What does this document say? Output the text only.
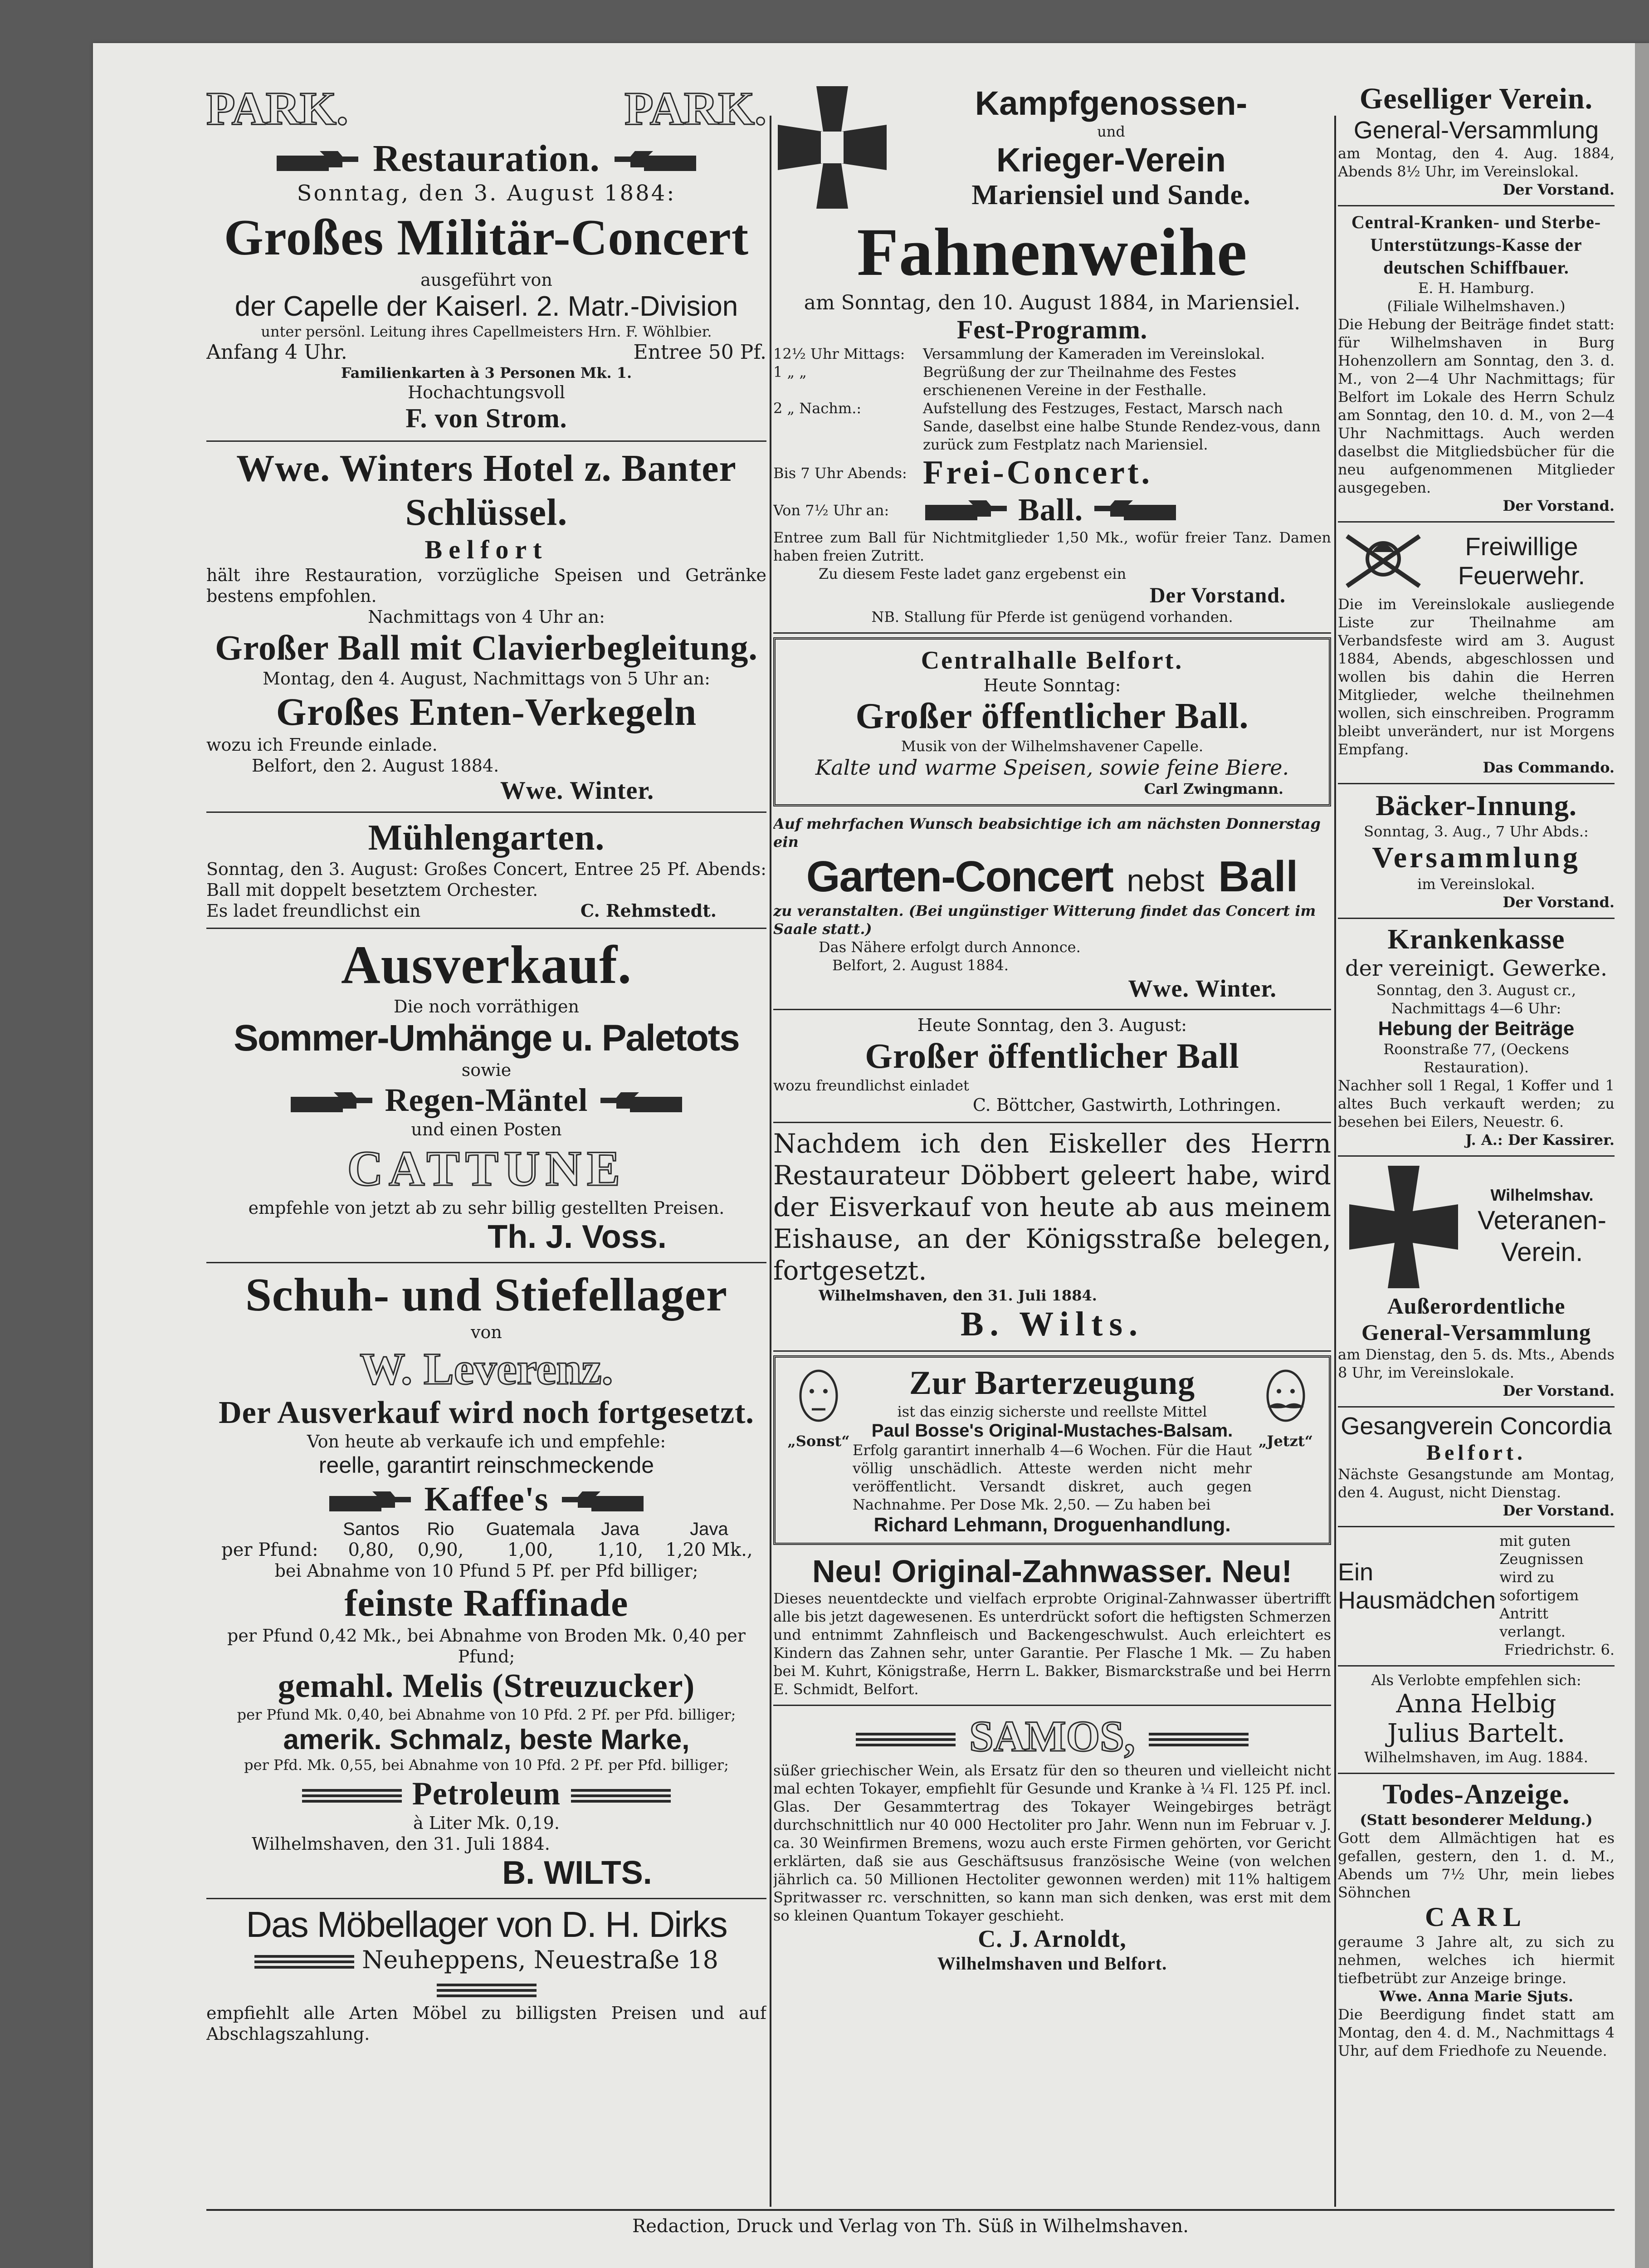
PARK.	PARK.
Restauration.
Sonntag, den 3. August 1884:
Großes Militär-Concert
ausgeführt von
der Capelle der Kaiserl. 2. Matr.-Division
unter persönl. Leitung ihres Capellmeisters Hrn. F. Wöhlbier.
Anfang 4 Uhr.	Entree 50 Pf.
Familienkarten à 3 Personen Mk. 1.
Hochachtungsvoll
F. von Strom.
Wwe. Winters Hotel z. Banter Schlüssel.
Belfort
hält ihre Restauration, vorzügliche Speisen und Getränke bestens empfohlen.
Nachmittags von 4 Uhr an:
Großer Ball mit Clavierbegleitung.
Montag, den 4. August, Nachmittags von 5 Uhr an:
Großes Enten-Verkegeln
wozu ich Freunde einlade.
Belfort, den 2. August 1884.
Wwe. Winter.
Mühlengarten.
Sonntag, den 3. August: Großes Concert, Entree 25 Pf. Abends: Ball mit doppelt besetztem Orchester.
Es ladet freundlichst ein	C. Rehmstedt.
Ausverkauf.
Die noch vorräthigen
Sommer-Umhänge u. Paletots
sowie
Regen-Mäntel
und einen Posten
CATTUNE
empfehle von jetzt ab zu sehr billig gestellten Preisen.
Th. J. Voss.
Schuh- und Stiefellager
von
W. Leverenz.
Der Ausverkauf wird noch fortgesetzt.
Von heute ab verkaufe ich und empfehle:
reelle, garantirt reinschmeckende
Kaffee's
	Santos	Rio	Guatemala	Java	Java
per Pfund:	0,80,	0,90,	1,00,	1,10,	1,20 Mk.,
bei Abnahme von 10 Pfund 5 Pf. per Pfd billiger;
feinste Raffinade
per Pfund 0,42 Mk., bei Abnahme von Broden Mk. 0,40 per Pfund;
gemahl. Melis (Streuzucker)
per Pfund Mk. 0,40, bei Abnahme von 10 Pfd. 2 Pf. per Pfd. billiger;
amerik. Schmalz, beste Marke,
per Pfd. Mk. 0,55, bei Abnahme von 10 Pfd. 2 Pf. per Pfd. billiger;
Petroleum
à Liter Mk. 0,19.
Wilhelmshaven, den 31. Juli 1884.
B. WILTS.
Das Möbellager von D. H. Dirks
Neuheppens, Neuestraße 18
empfiehlt alle Arten Möbel zu billigsten Preisen und auf Abschlagszahlung.
Kampfgenossen-
und
Krieger-Verein
Mariensiel und Sande.
Fahnenweihe
am Sonntag, den 10. August 1884, in Mariensiel.
Fest-Programm.
12½ Uhr Mittags:	Versammlung der Kameraden im Vereinslokal.
1 „ „	Begrüßung der zur Theilnahme des Festes erschienenen Vereine in der Festhalle.
2 „ Nachm.:	Aufstellung des Festzuges, Festact, Marsch nach Sande, daselbst eine halbe Stunde Rendez-vous, dann zurück zum Festplatz nach Mariensiel.
Bis 7 Uhr Abends: Frei-Concert.
Von 7½ Uhr an:	Ball.
Entree zum Ball für Nichtmitglieder 1,50 Mk., wofür freier Tanz. Damen haben freien Zutritt.
Zu diesem Feste ladet ganz ergebenst ein
Der Vorstand.
NB. Stallung für Pferde ist genügend vorhanden.
Centralhalle Belfort.
Heute Sonntag:
Großer öffentlicher Ball.
Musik von der Wilhelmshavener Capelle.
Kalte und warme Speisen, sowie feine Biere.
Carl Zwingmann.
Auf mehrfachen Wunsch beabsichtige ich am nächsten Donnerstag ein
Garten-Concert nebst Ball
zu veranstalten. (Bei ungünstiger Witterung findet das Concert im Saale statt.)
Das Nähere erfolgt durch Annonce.
Belfort, 2. August 1884.
Wwe. Winter.
Heute Sonntag, den 3. August:
Großer öffentlicher Ball
wozu freundlichst einladet
C. Böttcher, Gastwirth, Lothringen.
Nachdem ich den Eiskeller des Herrn Restaurateur Döbbert geleert habe, wird der Eisverkauf von heute ab aus meinem Eishause, an der Königsstraße belegen, fortgesetzt.
Wilhelmshaven, den 31. Juli 1884.
B. Wilts.
„Sonst“
Zur Barterzeugung
ist das einzig sicherste und reellste Mittel
Paul Bosse's Original-Mustaches-Balsam.
Erfolg garantirt innerhalb 4—6 Wochen. Für die Haut völlig unschädlich. Atteste werden nicht mehr veröffentlicht. Versandt diskret, auch gegen Nachnahme. Per Dose Mk. 2,50. — Zu haben bei
Richard Lehmann, Droguenhandlung.
„Jetzt“
Neu! Original-Zahnwasser. Neu!
Dieses neuentdeckte und vielfach erprobte Original-Zahnwasser übertrifft alle bis jetzt dagewesenen. Es unterdrückt sofort die heftigsten Schmerzen und entnimmt Zahnfleisch und Backengeschwulst. Auch erleichtert es Kindern das Zahnen sehr, unter Garantie. Per Flasche 1 Mk. — Zu haben bei M. Kuhrt, Königstraße, Herrn L. Bakker, Bismarckstraße und bei Herrn E. Schmidt, Belfort.
SAMOS,
süßer griechischer Wein, als Ersatz für den so theuren und vielleicht nicht mal echten Tokayer, empfiehlt für Gesunde und Kranke à ¼ Fl. 125 Pf. incl. Glas. Der Gesammtertrag des Tokayer Weingebirges beträgt durchschnittlich nur 40 000 Hectoliter pro Jahr. Wenn nun im Februar v. J. ca. 30 Weinfirmen Bremens, wozu auch erste Firmen gehörten, vor Gericht erklärten, daß sie aus Geschäftsusus französische Weine (von welchen jährlich ca. 50 Millionen Hectoliter gewonnen werden) mit 11% haltigem Spritwasser rc. verschnitten, so kann man sich denken, was erst mit dem so kleinen Quantum Tokayer geschieht.
C. J. Arnoldt,
Wilhelmshaven und Belfort.
Geselliger Verein.
General-Versammlung
am Montag, den 4. Aug. 1884, Abends 8½ Uhr, im Vereinslokal.
Der Vorstand.
Central-Kranken- und Sterbe-Unterstützungs-Kasse der deutschen Schiffbauer.
E. H. Hamburg.
(Filiale Wilhelmshaven.)
Die Hebung der Beiträge findet statt: für Wilhelmshaven in Burg Hohenzollern am Sonntag, den 3. d. M., von 2—4 Uhr Nachmittags; für Belfort im Lokale des Herrn Schulz am Sonntag, den 10. d. M., von 2—4 Uhr Nachmittags. Auch werden daselbst die Mitgliedsbücher für die neu aufgenommenen Mitglieder ausgegeben.
Der Vorstand.
Freiwillige Feuerwehr.
Die im Vereinslokale ausliegende Liste zur Theilnahme am Verbandsfeste wird am 3. August 1884, Abends, abgeschlossen und wollen bis dahin die Herren Mitglieder, welche theilnehmen wollen, sich einschreiben. Programm bleibt unverändert, nur ist Morgens Empfang.
Das Commando.
Bäcker-Innung.
Sonntag, 3. Aug., 7 Uhr Abds.:
Versammlung
im Vereinslokal.
Der Vorstand.
Krankenkasse
der vereinigt. Gewerke.
Sonntag, den 3. August cr., Nachmittags 4—6 Uhr:
Hebung der Beiträge
Roonstraße 77, (Oeckens Restauration).
Nachher soll 1 Regal, 1 Koffer und 1 altes Buch verkauft werden; zu besehen bei Eilers, Neuestr. 6.
J. A.: Der Kassirer.
Wilhelmshav.
Veteranen-Verein.
Außerordentliche
General-Versammlung
am Dienstag, den 5. ds. Mts., Abends 8 Uhr, im Vereinslokale.
Der Vorstand.
Gesangverein Concordia
Belfort.
Nächste Gesangstunde am Montag, den 4. August, nicht Dienstag.
Der Vorstand.
Ein Hausmädchen
mit guten Zeugnissen wird zu sofortigem Antritt verlangt.
Friedrichstr. 6.
Als Verlobte empfehlen sich:
Anna Helbig
Julius Bartelt.
Wilhelmshaven, im Aug. 1884.
Todes-Anzeige.
(Statt besonderer Meldung.)
Gott dem Allmächtigen hat es gefallen, gestern, den 1. d. M., Abends um 7½ Uhr, mein liebes Söhnchen
CARL
geraume 3 Jahre alt, zu sich zu nehmen, welches ich hiermit tiefbetrübt zur Anzeige bringe.
Wwe. Anna Marie Sjuts.
Die Beerdigung findet statt am Montag, den 4. d. M., Nachmittags 4 Uhr, auf dem Friedhofe zu Neuende.
Redaction, Druck und Verlag von Th. Süß in Wilhelmshaven.
